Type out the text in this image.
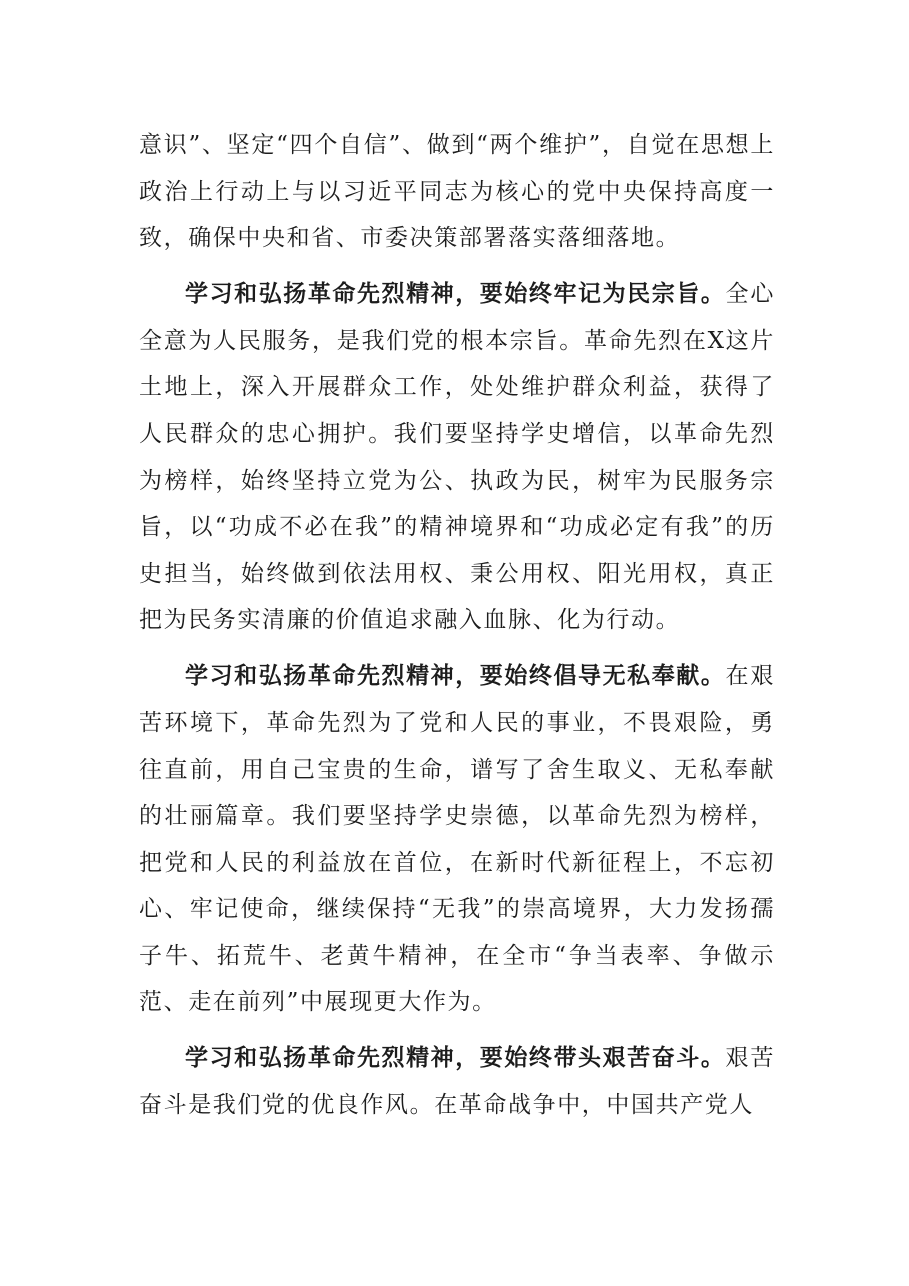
意识”、坚定“四个自信”、做到“两个维护”，自觉在思想上政治上行动上与以习近平同志为核心的党中央保持高度一致，确保中央和省、市委决策部署落实落细落地。

学习和弘扬革命先烈精神，要始终牢记为民宗旨。全心全意为人民服务，是我们党的根本宗旨。革命先烈在X这片土地上，深入开展群众工作，处处维护群众利益，获得了人民群众的忠心拥护。我们要坚持学史增信，以革命先烈为榜样，始终坚持立党为公、执政为民，树牢为民服务宗旨，以“功成不必在我”的精神境界和“功成必定有我”的历史担当，始终做到依法用权、秉公用权、阳光用权，真正把为民务实清廉的价值追求融入血脉、化为行动。

学习和弘扬革命先烈精神，要始终倡导无私奉献。在艰苦环境下，革命先烈为了党和人民的事业，不畏艰险，勇往直前，用自己宝贵的生命，谱写了舍生取义、无私奉献的壮丽篇章。我们要坚持学史崇德，以革命先烈为榜样，把党和人民的利益放在首位，在新时代新征程上，不忘初心、牢记使命，继续保持“无我”的崇高境界，大力发扬孺子牛、拓荒牛、老黄牛精神，在全市“争当表率、争做示范、走在前列”中展现更大作为。

学习和弘扬革命先烈精神，要始终带头艰苦奋斗。艰苦奋斗是我们党的优良作风。在革命战争中，中国共产党人
